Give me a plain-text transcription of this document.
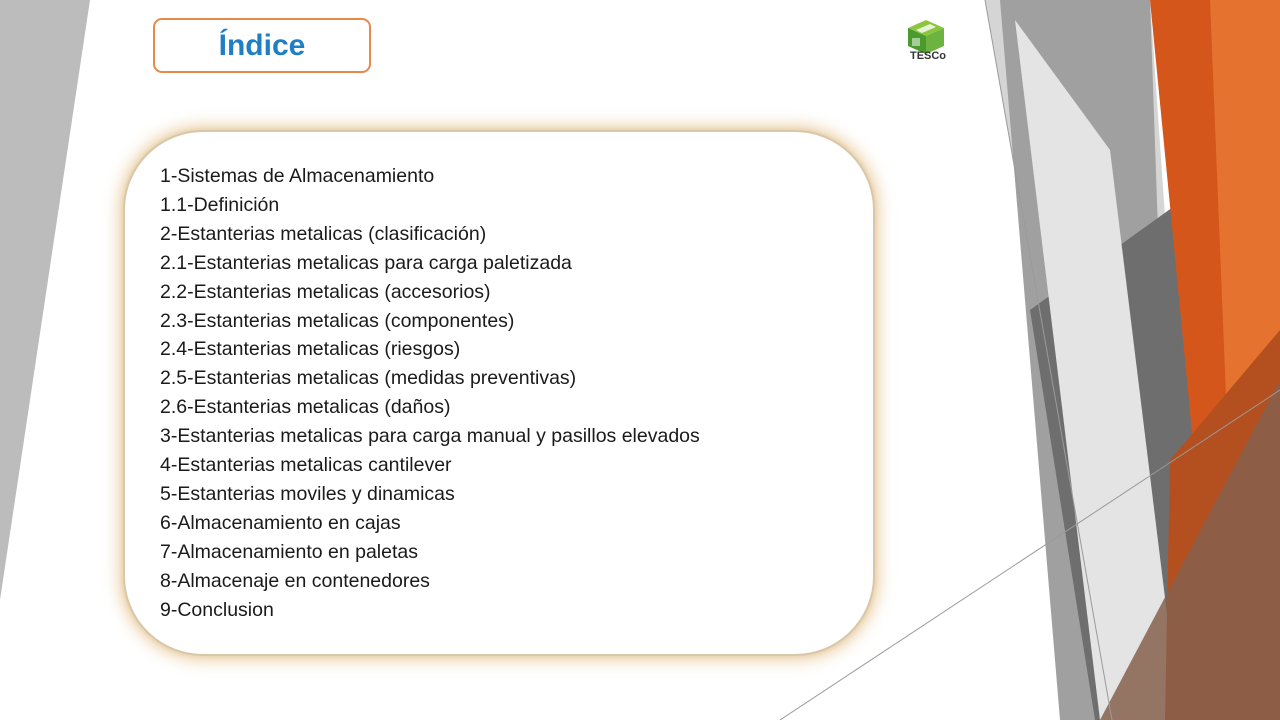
Índice	TESCo
1-Sistemas de Almacenamiento
1.1-Definición
2-Estanterias metalicas (clasificación)
2.1-Estanterias metalicas para carga paletizada
2.2-Estanterias metalicas (accesorios)
2.3-Estanterias metalicas (componentes)
2.4-Estanterias metalicas (riesgos)
2.5-Estanterias metalicas (medidas preventivas)
2.6-Estanterias metalicas (daños)
3-Estanterias metalicas para carga manual y pasillos elevados
4-Estanterias metalicas cantilever
5-Estanterias moviles y dinamicas
6-Almacenamiento en cajas
7-Almacenamiento en paletas
8-Almacenaje en contenedores
9-Conclusion
